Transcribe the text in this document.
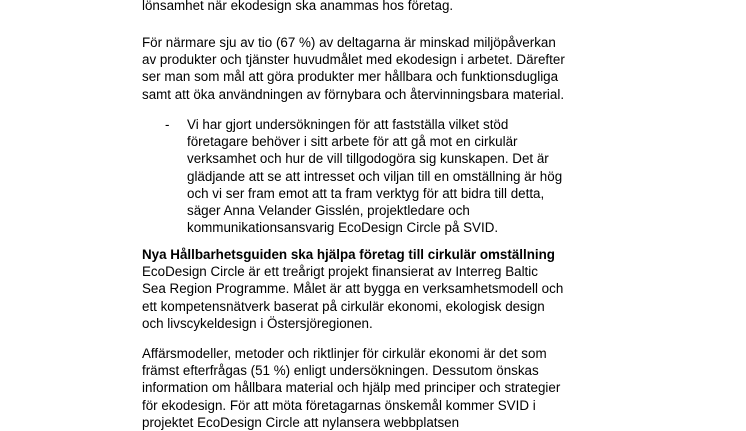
lönsamhet när ekodesign ska anammas hos företag.
För närmare sju av tio (67 %) av deltagarna är minskad miljöpåverkan
av produkter och tjänster huvudmålet med ekodesign i arbetet. Därefter
ser man som mål att göra produkter mer hållbara och funktionsdugliga
samt att öka användningen av förnybara och återvinningsbara material.
- Vi har gjort undersökningen för att fastställa vilket stöd
företagare behöver i sitt arbete för att gå mot en cirkulär
verksamhet och hur de vill tillgodogöra sig kunskapen. Det är
glädjande att se att intresset och viljan till en omställning är hög
och vi ser fram emot att ta fram verktyg för att bidra till detta,
säger Anna Velander Gisslén, projektledare och
kommunikationsansvarig EcoDesign Circle på SVID.
Nya Hållbarhetsguiden ska hjälpa företag till cirkulär omställning
EcoDesign Circle är ett treårigt projekt finansierat av Interreg Baltic
Sea Region Programme. Målet är att bygga en verksamhetsmodell och
ett kompetensnätverk baserat på cirkulär ekonomi, ekologisk design
och livscykeldesign i Östersjöregionen.
Affärsmodeller, metoder och riktlinjer för cirkulär ekonomi är det som
främst efterfrågas (51 %) enligt undersökningen. Dessutom önskas
information om hållbara material och hjälp med principer och strategier
för ekodesign. För att möta företagarnas önskemål kommer SVID i
projektet EcoDesign Circle att nylansera webbplatsen
